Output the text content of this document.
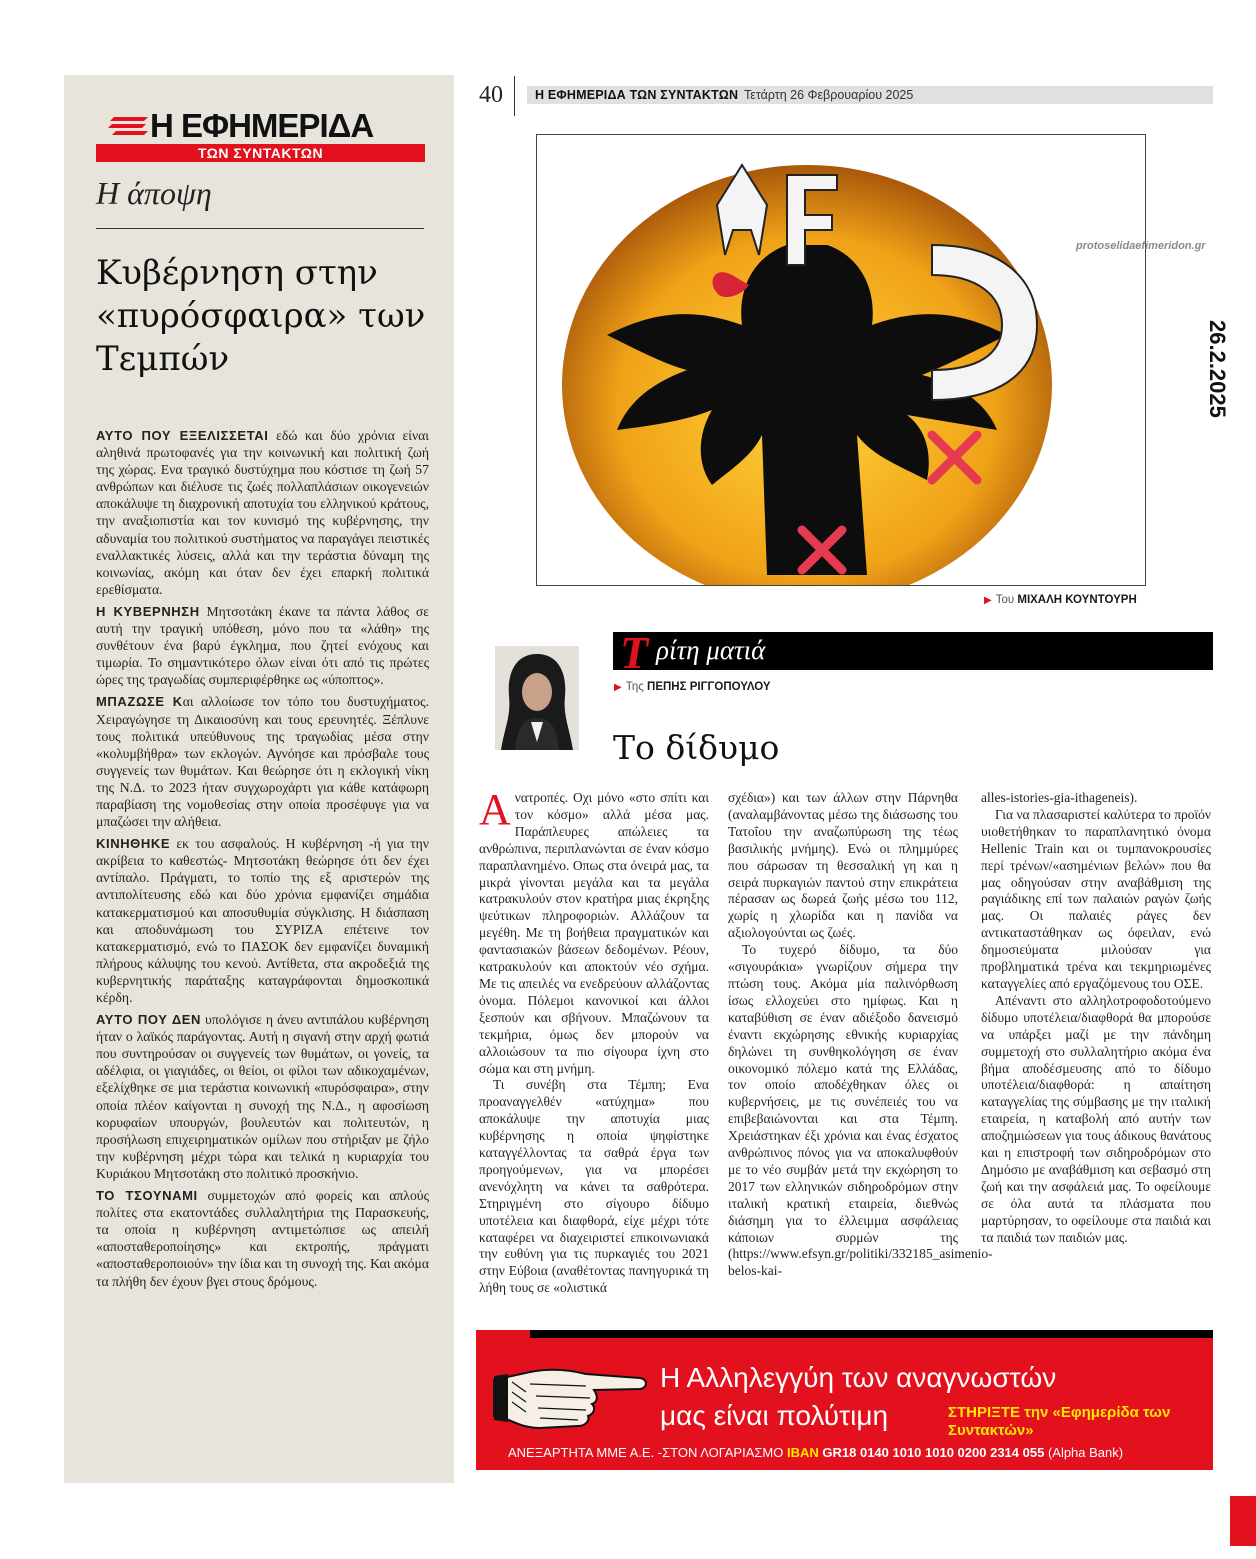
Η ΕΦΗΜΕΡΙΔΑ
ΤΩΝ ΣΥΝΤΑΚΤΩΝ
Η άποψη
Κυβέρνηση στην «πυρόσφαιρα» των Τεμπών

ΑΥΤΟ ΠΟΥ ΕΞΕΛΙΣΣΕΤΑΙ εδώ και δύο χρόνια είναι αληθινά πρωτοφανές για την κοινωνική και πολιτική ζωή της χώρας. Ενα τραγικό δυστύχημα που κόστισε τη ζωή 57 ανθρώπων και διέλυσε τις ζωές πολλαπλάσιων οικογενειών αποκάλυψε τη διαχρονική αποτυχία του ελληνικού κράτους, την αναξιοπιστία και τον κυνισμό της κυβέρνησης, την αδυναμία του πολιτικού συστήματος να παραγάγει πειστικές εναλλακτικές λύσεις, αλλά και την τεράστια δύναμη της κοινωνίας, ακόμη και όταν δεν έχει επαρκή πολιτικά ερεθίσματα.

Η ΚΥΒΕΡΝΗΣΗ Μητσοτάκη έκανε τα πάντα λάθος σε αυτή την τραγική υπόθεση, μόνο που τα «λάθη» της συνθέτουν ένα βαρύ έγκλημα, που ζητεί ενόχους και τιμωρία. Το σημαντικότερο όλων είναι ότι από τις πρώτες ώρες της τραγωδίας συμπεριφέρθηκε ως «ύποπτος».

ΜΠΑΖΩΣΕ Και αλλοίωσε τον τόπο του δυστυχήματος. Χειραγώγησε τη Δικαιοσύνη και τους ερευνητές. Ξέπλυνε τους πολιτικά υπεύθυνους της τραγωδίας μέσα στην «κολυμβήθρα» των εκλογών. Αγνόησε και πρόσβαλε τους συγγενείς των θυμάτων. Και θεώρησε ότι η εκλογική νίκη της Ν.Δ. το 2023 ήταν συγχωροχάρτι για κάθε κατάφωρη παραβίαση της νομοθεσίας στην οποία προσέφυγε για να μπαζώσει την αλήθεια.

ΚΙΝΗΘΗΚΕ εκ του ασφαλούς. Η κυβέρνηση -ή για την ακρίβεια το καθεστώς- Μητσοτάκη θεώρησε ότι δεν έχει αντίπαλο. Πράγματι, το τοπίο της εξ αριστερών της αντιπολίτευσης εδώ και δύο χρόνια εμφανίζει σημάδια κατακερματισμού και αποσυθυμία σύγκλισης. Η διάσπαση και αποδυνάμωση του ΣΥΡΙΖΑ επέτεινε τον κατακερματισμό, ενώ το ΠΑΣΟΚ δεν εμφανίζει δυναμική πλήρους κάλυψης του κενού. Αντίθετα, στα ακροδεξιά της κυβερνητικής παράταξης καταγράφονται δημοσκοπικά κέρδη.

ΑΥΤΟ ΠΟΥ ΔΕΝ υπολόγισε η άνευ αντιπάλου κυβέρνηση ήταν ο λαϊκός παράγοντας. Αυτή η σιγανή στην αρχή φωτιά που συντηρούσαν οι συγγενείς των θυμάτων, οι γονείς, τα αδέλφια, οι γιαγιάδες, οι θείοι, οι φίλοι των αδικοχαμένων, εξελίχθηκε σε μια τεράστια κοινωνική «πυρόσφαιρα», στην οποία πλέον καίγονται η συνοχή της Ν.Δ., η αφοσίωση κορυφαίων υπουργών, βουλευτών και πολιτευτών, η προσήλωση επιχειρηματικών ομίλων που στήριξαν με ζήλο την κυβέρνηση μέχρι τώρα και τελικά η κυριαρχία του Κυριάκου Μητσοτάκη στο πολιτικό προσκήνιο.

ΤΟ ΤΣΟΥΝΑΜΙ συμμετοχών από φορείς και απλούς πολίτες στα εκατοντάδες συλλαλητήρια της Παρασκευής, τα οποία η κυβέρνηση αντιμετώπισε ως απειλή «αποσταθεροποίησης» και εκτροπής, πράγματι «αποσταθεροποιούν» την ίδια και τη συνοχή της. Και ακόμα τα πλήθη δεν έχουν βγει στους δρόμους.

40	Η ΕΦΗΜΕΡΙΔΑ ΤΩΝ ΣΥΝΤΑΚΤΩΝ Τετάρτη 26 Φεβρουαρίου 2025
protoselidaefimeridon.gr
26.2.2025
▶ Του ΜΙΧΑΛΗ ΚΟΥΝΤΟΥΡΗ
Τ ρίτη ματιά
▶ Της ΠΕΠΗΣ ΡΙΓΓΟΠΟΥΛΟΥ
Το δίδυμο

Ανατροπές. Οχι μόνο «στο σπίτι και τον κόσμο» αλλά μέσα μας. Παράπλευρες απώλειες τα ανθρώπινα, περιπλανώνται σε έναν κόσμο παραπλανημένο. Οπως στα όνειρά μας, τα μικρά γίνονται μεγάλα και τα μεγάλα κατρακυλούν στον κρατήρα μιας έκρηξης ψεύτικων πληροφοριών. Αλλάζουν τα μεγέθη. Με τη βοήθεια πραγματικών και φαντασιακών βάσεων δεδομένων. Ρέουν, κατρακυλούν και αποκτούν νέο σχήμα. Με τις απειλές να ενεδρεύουν αλλάζοντας όνομα. Πόλεμοι κανονικοί και άλλοι ξεσπούν και σβήνουν. Μπαζώνουν τα τεκμήρια, όμως δεν μπορούν να αλλοιώσουν τα πιο σίγουρα ίχνη στο σώμα και στη μνήμη.

Τι συνέβη στα Τέμπη; Ενα προαναγγελθέν «ατύχημα» που αποκάλυψε την αποτυχία μιας κυβέρνησης η οποία ψηφίστηκε καταγγέλλοντας τα σαθρά έργα των προηγούμενων, για να μπορέσει ανενόχλητη να κάνει τα σαθρότερα. Στηριγμένη στο σίγουρο δίδυμο υποτέλεια και διαφθορά, είχε μέχρι τότε καταφέρει να διαχειριστεί επικοινωνιακά την ευθύνη για τις πυρκαγιές του 2021 στην Εύβοια (αναθέτοντας πανηγυρικά τη λήθη τους σε «ολιστικά

σχέδια») και των άλλων στην Πάρνηθα (αναλαμβάνοντας μέσω της διάσωσης του Τατοΐου την αναζωπύρωση της τέως βασιλικής μνήμης). Ενώ οι πλημμύρες που σάρωσαν τη θεσσαλική γη και η σειρά πυρκαγιών παντού στην επικράτεια πέρασαν ως δωρεά ζωής μέσω του 112, χωρίς η χλωρίδα και η πανίδα να αξιολογούνται ως ζωές.

Το τυχερό δίδυμο, τα δύο «σιγουράκια» γνωρίζουν σήμερα την πτώση τους. Ακόμα μία παλινόρθωση ίσως ελλοχεύει στο ημίφως. Και η καταβύθιση σε έναν αδιέξοδο δανεισμό έναντι εκχώρησης εθνικής κυριαρχίας δηλώνει τη συνθηκολόγηση σε έναν οικονομικό πόλεμο κατά της Ελλάδας, τον οποίο αποδέχθηκαν όλες οι κυβερνήσεις, με τις συνέπειές του να επιβεβαιώνονται και στα Τέμπη. Χρειάστηκαν έξι χρόνια και ένας έσχατος ανθρώπινος πόνος για να αποκαλυφθούν με το νέο συμβάν μετά την εκχώρηση το 2017 των ελληνικών σιδηροδρόμων στην ιταλική κρατική εταιρεία, διεθνώς διάσημη για το έλλειμμα ασφάλειας κάποιων συρμών της (https://www.efsyn.gr/politiki/332185_asimenio-belos-kai-

alles-istories-gia-ithageneis).

Για να πλασαριστεί καλύτερα το προϊόν υιοθετήθηκαν το παραπλανητικό όνομα Hellenic Train και οι τυμπανοκρουσίες περί τρένων/«ασημένιων βελών» που θα μας οδηγούσαν στην αναβάθμιση της ραγιάδικης επί των παλαιών ραγών ζωής μας. Οι παλαιές ράγες δεν αντικαταστάθηκαν ως όφειλαν, ενώ δημοσιεύματα μιλούσαν για προβληματικά τρένα και τεκμηριωμένες καταγγελίες από εργαζόμενους του ΟΣΕ.

Απέναντι στο αλληλοτροφοδοτούμενο δίδυμο υποτέλεια/διαφθορά θα μπορούσε να υπάρξει μαζί με την πάνδημη συμμετοχή στο συλλαλητήριο ακόμα ένα βήμα αποδέσμευσης από το δίδυμο υποτέλεια/διαφθορά: η απαίτηση καταγγελίας της σύμβασης με την ιταλική εταιρεία, η καταβολή από αυτήν των αποζημιώσεων για τους άδικους θανάτους και η επιστροφή των σιδηροδρόμων στο Δημόσιο με αναβάθμιση και σεβασμό στη ζωή και την ασφάλειά μας. Το οφείλουμε σε όλα αυτά τα πλάσματα που μαρτύρησαν, το οφείλουμε στα παιδιά και τα παιδιά των παιδιών μας.

Η Αλληλεγγύη των αναγνωστών
μας είναι πολύτιμη	ΣΤΗΡΙΞΤΕ την «Εφημερίδα των Συντακτών»
ΑΝΕΞΑΡΤΗΤΑ ΜΜΕ Α.Ε. -ΣΤΟΝ ΛΟΓΑΡΙΑΣΜΟ IBAN GR18 0140 1010 1010 0200 2314 055 (Alpha Bank)
